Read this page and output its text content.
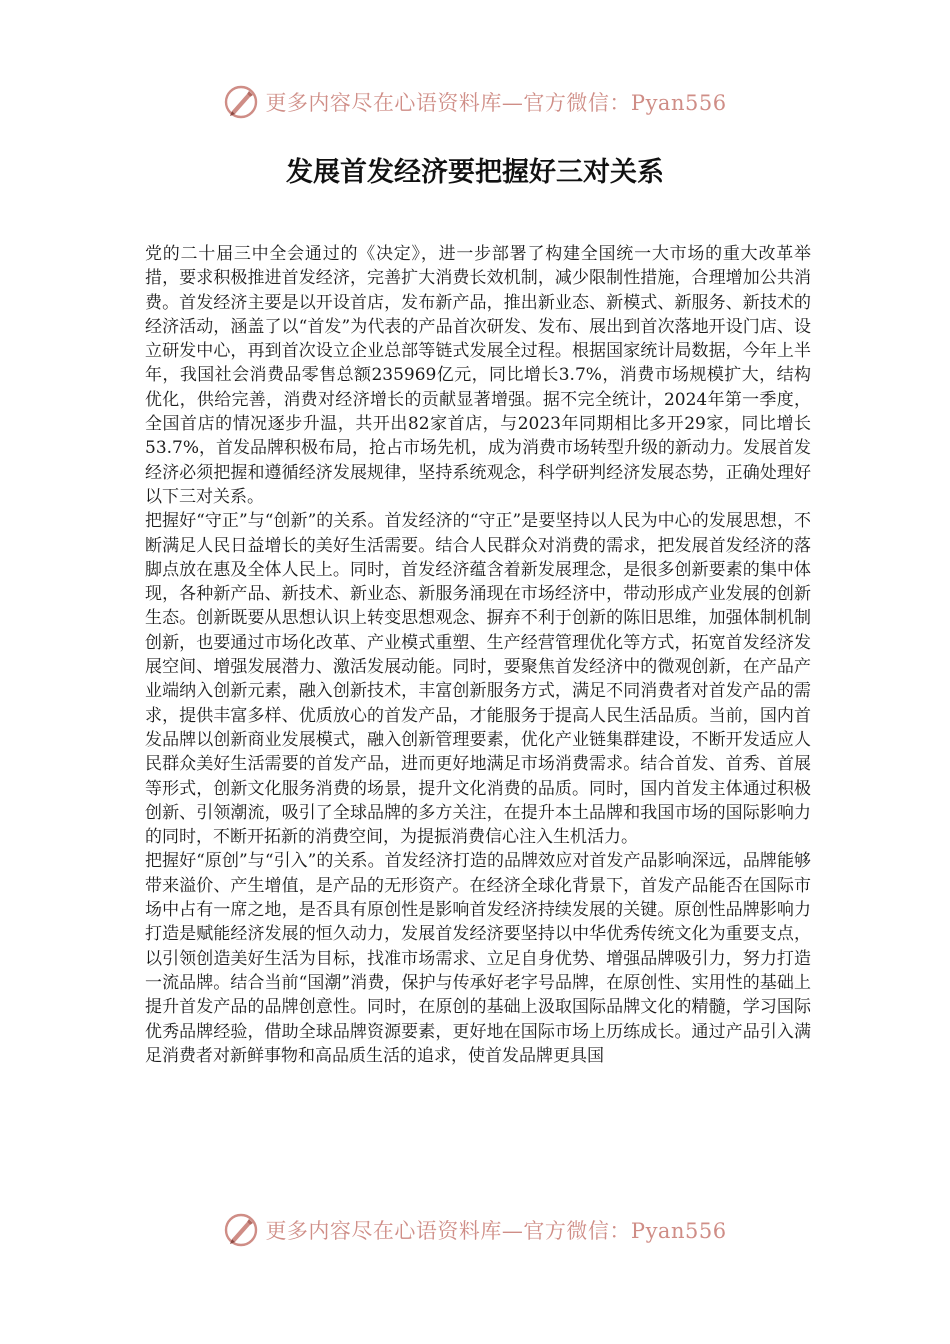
更多内容尽在心语资料库—官方微信：Pyan556
发展首发经济要把握好三对关系

党的二十届三中全会通过的《决定》，进一步部署了构建全国统一大市场的重大改革举措，要求积极推进首发经济，完善扩大消费长效机制，减少限制性措施，合理增加公共消费。首发经济主要是以开设首店，发布新产品，推出新业态、新模式、新服务、新技术的经济活动，涵盖了以“首发”为代表的产品首次研发、发布、展出到首次落地开设门店、设立研发中心，再到首次设立企业总部等链式发展全过程。根据国家统计局数据，今年上半年，我国社会消费品零售总额235969亿元，同比增长3.7%，消费市场规模扩大，结构优化，供给完善，消费对经济增长的贡献显著增强。据不完全统计，2024年第一季度，全国首店的情况逐步升温，共开出82家首店，与2023年同期相比多开29家，同比增长53.7%，首发品牌积极布局，抢占市场先机，成为消费市场转型升级的新动力。发展首发经济必须把握和遵循经济发展规律，坚持系统观念，科学研判经济发展态势，正确处理好以下三对关系。

把握好“守正”与“创新”的关系。首发经济的“守正”是要坚持以人民为中心的发展思想，不断满足人民日益增长的美好生活需要。结合人民群众对消费的需求，把发展首发经济的落脚点放在惠及全体人民上。同时，首发经济蕴含着新发展理念，是很多创新要素的集中体现，各种新产品、新技术、新业态、新服务涌现在市场经济中，带动形成产业发展的创新生态。创新既要从思想认识上转变思想观念、摒弃不利于创新的陈旧思维，加强体制机制创新，也要通过市场化改革、产业模式重塑、生产经营管理优化等方式，拓宽首发经济发展空间、增强发展潜力、激活发展动能。同时，要聚焦首发经济中的微观创新，在产品产业端纳入创新元素，融入创新技术，丰富创新服务方式，满足不同消费者对首发产品的需求，提供丰富多样、优质放心的首发产品，才能服务于提高人民生活品质。当前，国内首发品牌以创新商业发展模式，融入创新管理要素，优化产业链集群建设，不断开发适应人民群众美好生活需要的首发产品，进而更好地满足市场消费需求。结合首发、首秀、首展等形式，创新文化服务消费的场景，提升文化消费的品质。同时，国内首发主体通过积极创新、引领潮流，吸引了全球品牌的多方关注，在提升本土品牌和我国市场的国际影响力的同时，不断开拓新的消费空间，为提振消费信心注入生机活力。

把握好“原创”与“引入”的关系。首发经济打造的品牌效应对首发产品影响深远，品牌能够带来溢价、产生增值，是产品的无形资产。在经济全球化背景下，首发产品能否在国际市场中占有一席之地，是否具有原创性是影响首发经济持续发展的关键。原创性品牌影响力打造是赋能经济发展的恒久动力，发展首发经济要坚持以中华优秀传统文化为重要支点，以引领创造美好生活为目标，找准市场需求、立足自身优势、增强品牌吸引力，努力打造一流品牌。结合当前“国潮”消费，保护与传承好老字号品牌，在原创性、实用性的基础上提升首发产品的品牌创意性。同时，在原创的基础上汲取国际品牌文化的精髓，学习国际优秀品牌经验，借助全球品牌资源要素，更好地在国际市场上历练成长。通过产品引入满足消费者对新鲜事物和高品质生活的追求，使首发品牌更具国

更多内容尽在心语资料库—官方微信：Pyan556
